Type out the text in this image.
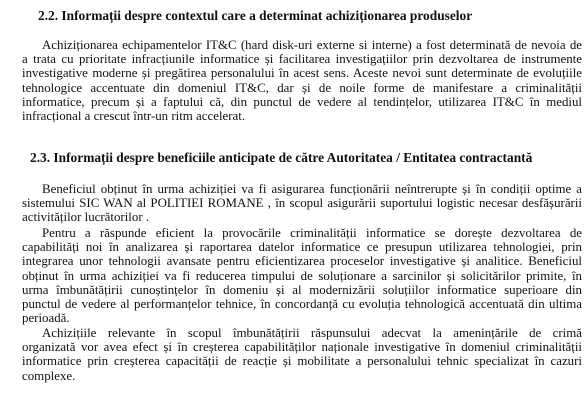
2.2. Informații despre contextul care a determinat achiziționarea produselor
Achiziționarea echipamentelor IT&C (hard disk-uri externe si interne) a fost determinată de nevoia de
a trata cu prioritate infracțiunile informatice și facilitarea investigațiilor prin dezvoltarea de instrumente
investigative moderne și pregătirea personalului în acest sens. Aceste nevoi sunt determinate de evoluțiile
tehnologice accentuate din domeniul IT&C, dar și de noile forme de manifestare a criminalității
informatice, precum și a faptului că, din punctul de vedere al tendințelor, utilizarea IT&C în mediul
infracțional a crescut într-un ritm accelerat.
2.3. Informații despre beneficiile anticipate de către Autoritatea / Entitatea contractantă
Beneficiul obținut în urma achiziției va fi asigurarea funcționării neîntrerupte și în condiții optime a
sistemului SIC WAN al POLITIEI ROMANE , în scopul asigurării suportului logistic necesar desfășurării
activităților lucrătorilor .
Pentru a răspunde eficient la provocările criminalității informatice se dorește dezvoltarea de
capabilități noi în analizarea și raportarea datelor informatice ce presupun utilizarea tehnologiei, prin
integrarea unor tehnologii avansate pentru eficientizarea proceselor investigative și analitice. Beneficiul
obținut în urma achiziției va fi reducerea timpului de soluționare a sarcinilor și solicitărilor primite, în
urma îmbunătățirii cunoștințelor în domeniu și al modernizării soluțiilor informatice superioare din
punctul de vedere al performanțelor tehnice, în concordanță cu evoluția tehnologică accentuată din ultima
perioadă.
Achizițiile relevante în scopul îmbunătățirii răspunsului adecvat la amenințările de crimă
organizată vor avea efect și în creșterea capabilităților naționale investigative în domeniul criminalității
informatice prin creșterea capacității de reacție și mobilitate a personalului tehnic specializat în cazuri
complexe.
